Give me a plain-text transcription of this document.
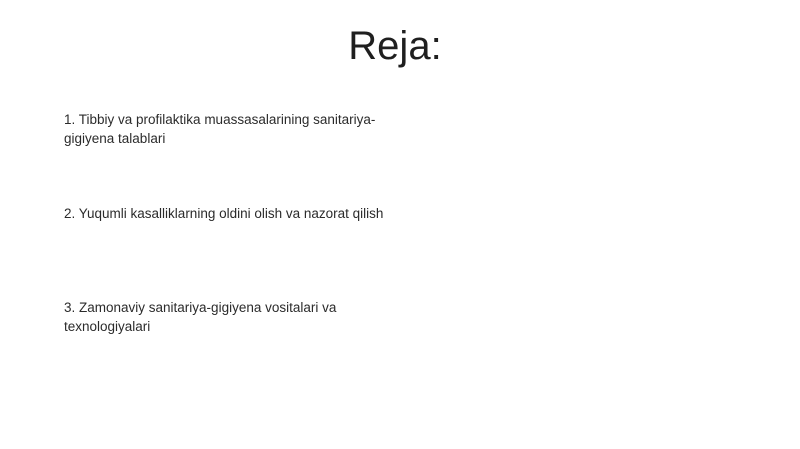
Reja:
1. Tibbiy va profilaktika muassasalarining sanitariya-gigiyena talablari
2. Yuqumli kasalliklarning oldini olish va nazorat qilish
3. Zamonaviy sanitariya-gigiyena vositalari va texnologiyalari
